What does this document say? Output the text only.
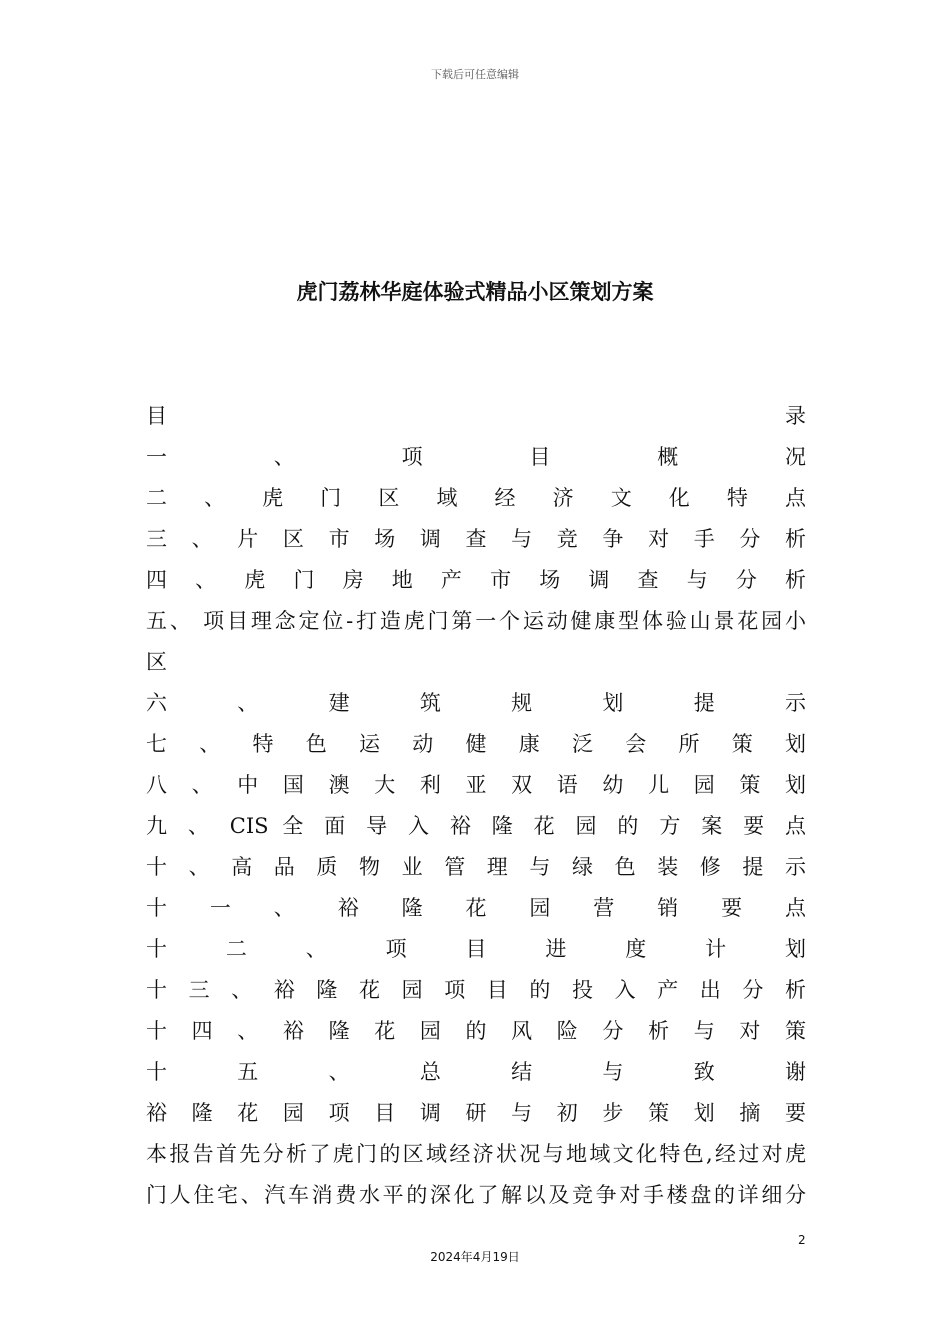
下载后可任意编辑
虎门荔林华庭体验式精品小区策划方案
目 录
一 、 项 目 概 况
二 、 虎 门 区 域 经 济 文 化 特 点
三 、 片 区 市 场 调 查 与 竞 争 对 手 分 析
四 、 虎 门 房 地 产 市 场 调 查 与 分 析
五、 项目理念定位-打造虎门第一个运动健康型体验山景花园小
区
六 、 建 筑 规 划 提 示
七 、 特 色 运 动 健 康 泛 会 所 策 划
八 、 中 国 澳 大 利 亚 双 语 幼 儿 园 策 划
九 、 CIS 全 面 导 入 裕 隆 花 园 的 方 案 要 点
十 、 高 品 质 物 业 管 理 与 绿 色 装 修 提 示
十 一 、 裕 隆 花 园 营 销 要 点
十 二 、 项 目 进 度 计 划
十 三 、 裕 隆 花 园 项 目 的 投 入 产 出 分 析
十 四 、 裕 隆 花 园 的 风 险 分 析 与 对 策
十 五 、 总 结 与 致 谢
裕 隆 花 园 项 目 调 研 与 初 步 策 划 摘 要
本报告首先分析了虎门的区域经济状况与地域文化特色,经过对虎
门人住宅、汽车消费水平的深化了解以及竞争对手楼盘的详细分
2
2024年4月19日
